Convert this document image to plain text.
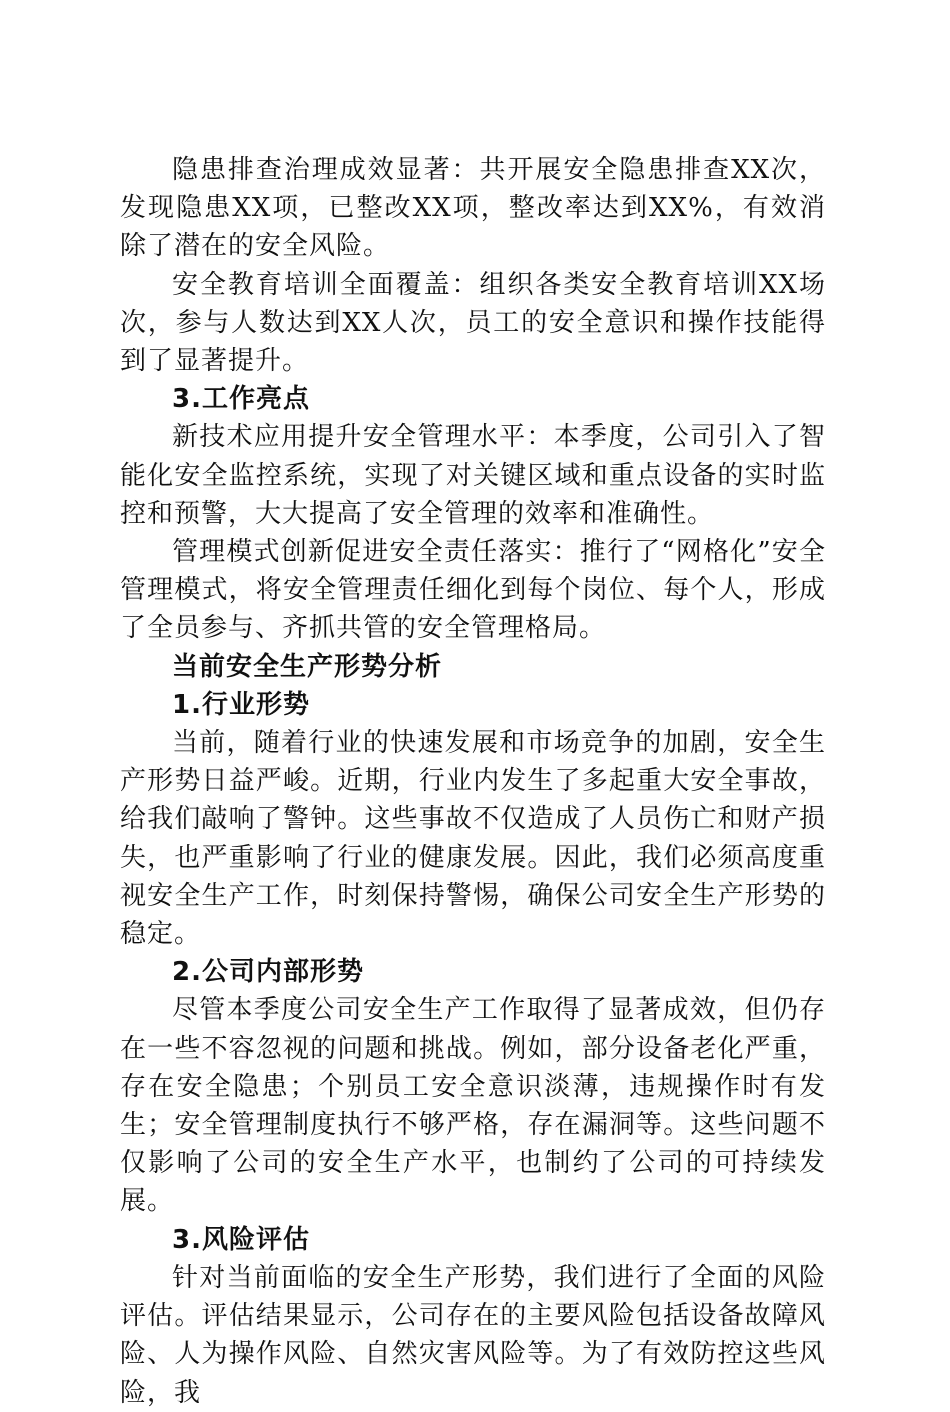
隐患排查治理成效显著：共开展安全隐患排查XX次，发现隐患XX项，已整改XX项，整改率达到XX%，有效消除了潜在的安全风险。

安全教育培训全面覆盖：组织各类安全教育培训XX场次，参与人数达到XX人次，员工的安全意识和操作技能得到了显著提升。

3.工作亮点

新技术应用提升安全管理水平：本季度，公司引入了智能化安全监控系统，实现了对关键区域和重点设备的实时监控和预警，大大提高了安全管理的效率和准确性。

管理模式创新促进安全责任落实：推行了“网格化”安全管理模式，将安全管理责任细化到每个岗位、每个人，形成了全员参与、齐抓共管的安全管理格局。

当前安全生产形势分析

1.行业形势

当前，随着行业的快速发展和市场竞争的加剧，安全生产形势日益严峻。近期，行业内发生了多起重大安全事故，给我们敲响了警钟。这些事故不仅造成了人员伤亡和财产损失，也严重影响了行业的健康发展。因此，我们必须高度重视安全生产工作，时刻保持警惕，确保公司安全生产形势的稳定。

2.公司内部形势

尽管本季度公司安全生产工作取得了显著成效，但仍存在一些不容忽视的问题和挑战。例如，部分设备老化严重，存在安全隐患；个别员工安全意识淡薄，违规操作时有发生；安全管理制度执行不够严格，存在漏洞等。这些问题不仅影响了公司的安全生产水平，也制约了公司的可持续发展。

3.风险评估

针对当前面临的安全生产形势，我们进行了全面的风险评估。评估结果显示，公司存在的主要风险包括设备故障风险、人为操作风险、自然灾害风险等。为了有效防控这些风险，我
